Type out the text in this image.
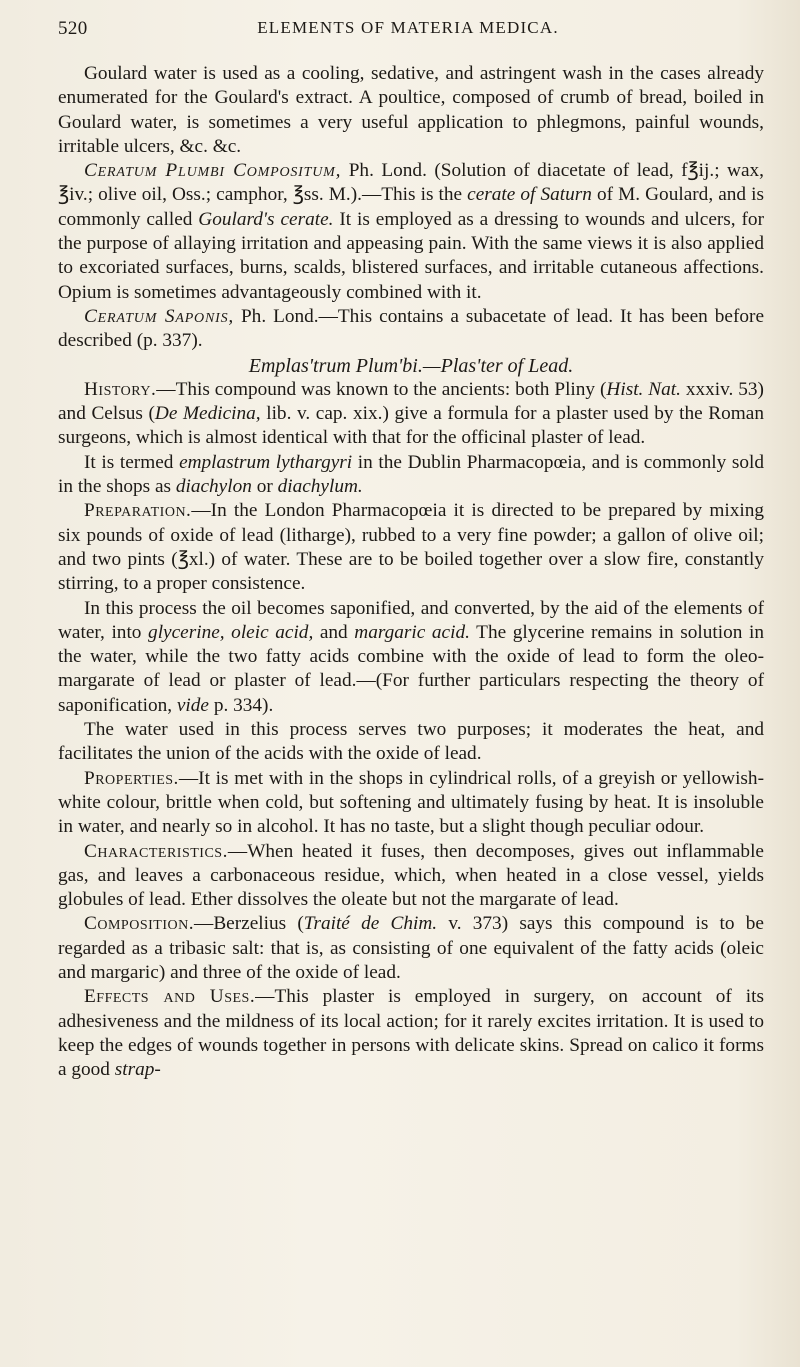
520	ELEMENTS OF MATERIA MEDICA.

Goulard water is used as a cooling, sedative, and astringent wash in the cases already enumerated for the Goulard's extract. A poultice, composed of crumb of bread, boiled in Goulard water, is sometimes a very useful application to phlegmons, painful wounds, irritable ulcers, &c. &c.

Ceratum Plumbi Compositum, Ph. Lond. (Solution of diacetate of lead, f℥ij.; wax, ℥iv.; olive oil, Oss.; camphor, ℥ss. M.).—This is the cerate of Saturn of M. Goulard, and is commonly called Goulard's cerate. It is employed as a dressing to wounds and ulcers, for the purpose of allaying irritation and appeasing pain. With the same views it is also applied to excoriated surfaces, burns, scalds, blistered surfaces, and irritable cutaneous affections. Opium is sometimes advantageously combined with it.

Ceratum Saponis, Ph. Lond.—This contains a subacetate of lead. It has been before described (p. 337).

Emplas'trum Plum'bi.—Plas'ter of Lead.

History.—This compound was known to the ancients: both Pliny (Hist. Nat. xxxiv. 53) and Celsus (De Medicina, lib. v. cap. xix.) give a formula for a plaster used by the Roman surgeons, which is almost identical with that for the officinal plaster of lead.

It is termed emplastrum lythargyri in the Dublin Pharmacopœia, and is commonly sold in the shops as diachylon or diachylum.

Preparation.—In the London Pharmacopœia it is directed to be prepared by mixing six pounds of oxide of lead (litharge), rubbed to a very fine powder; a gallon of olive oil; and two pints (℥xl.) of water. These are to be boiled together over a slow fire, constantly stirring, to a proper consistence.

In this process the oil becomes saponified, and converted, by the aid of the elements of water, into glycerine, oleic acid, and margaric acid. The glycerine remains in solution in the water, while the two fatty acids combine with the oxide of lead to form the oleo-margarate of lead or plaster of lead.—(For further particulars respecting the theory of saponification, vide p. 334).

The water used in this process serves two purposes; it moderates the heat, and facilitates the union of the acids with the oxide of lead.

Properties.—It is met with in the shops in cylindrical rolls, of a greyish or yellowish-white colour, brittle when cold, but softening and ultimately fusing by heat. It is insoluble in water, and nearly so in alcohol. It has no taste, but a slight though peculiar odour.

Characteristics.—When heated it fuses, then decomposes, gives out inflammable gas, and leaves a carbonaceous residue, which, when heated in a close vessel, yields globules of lead. Ether dissolves the oleate but not the margarate of lead.

Composition.—Berzelius (Traité de Chim. v. 373) says this compound is to be regarded as a tribasic salt: that is, as consisting of one equivalent of the fatty acids (oleic and margaric) and three of the oxide of lead.

Effects and Uses.—This plaster is employed in surgery, on account of its adhesiveness and the mildness of its local action; for it rarely excites irritation. It is used to keep the edges of wounds together in persons with delicate skins. Spread on calico it forms a good strap-
